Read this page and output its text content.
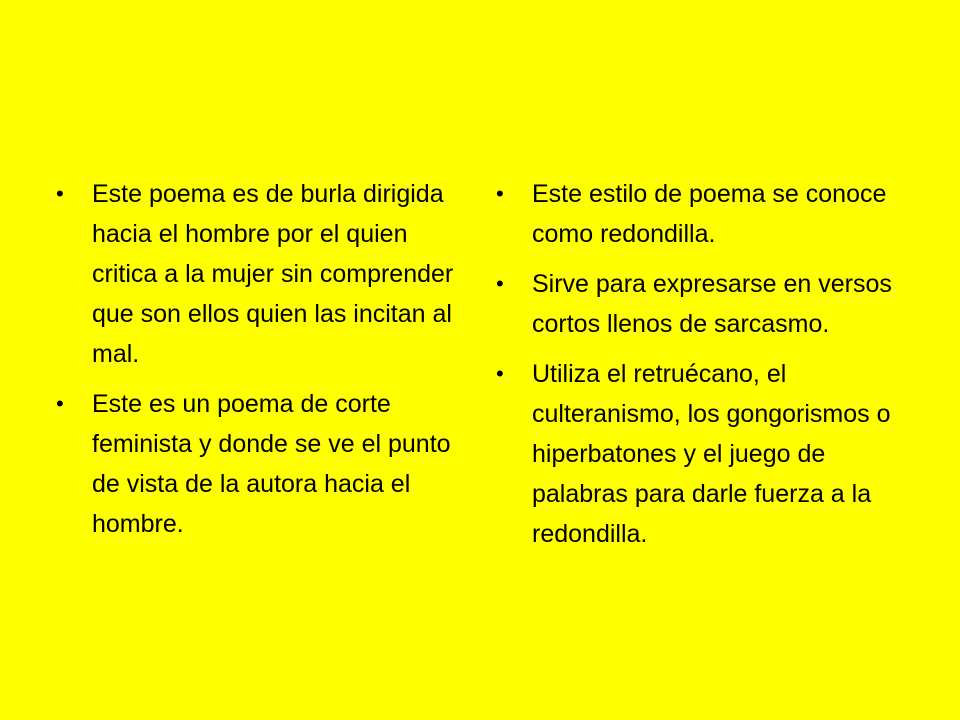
•	Este poema es de burla dirigida hacia el hombre por el quien critica a la mujer sin comprender que son ellos quien las incitan al mal.
•	Este es un poema de corte feminista y donde se ve el punto de vista de la autora hacia el hombre.
•	Este estilo de poema se conoce como redondilla.
•	Sirve para expresarse en versos cortos llenos de sarcasmo.
•	Utiliza el retruécano, el culteranismo, los gongorismos o hiperbatones y el juego de palabras para darle fuerza a la redondilla.
